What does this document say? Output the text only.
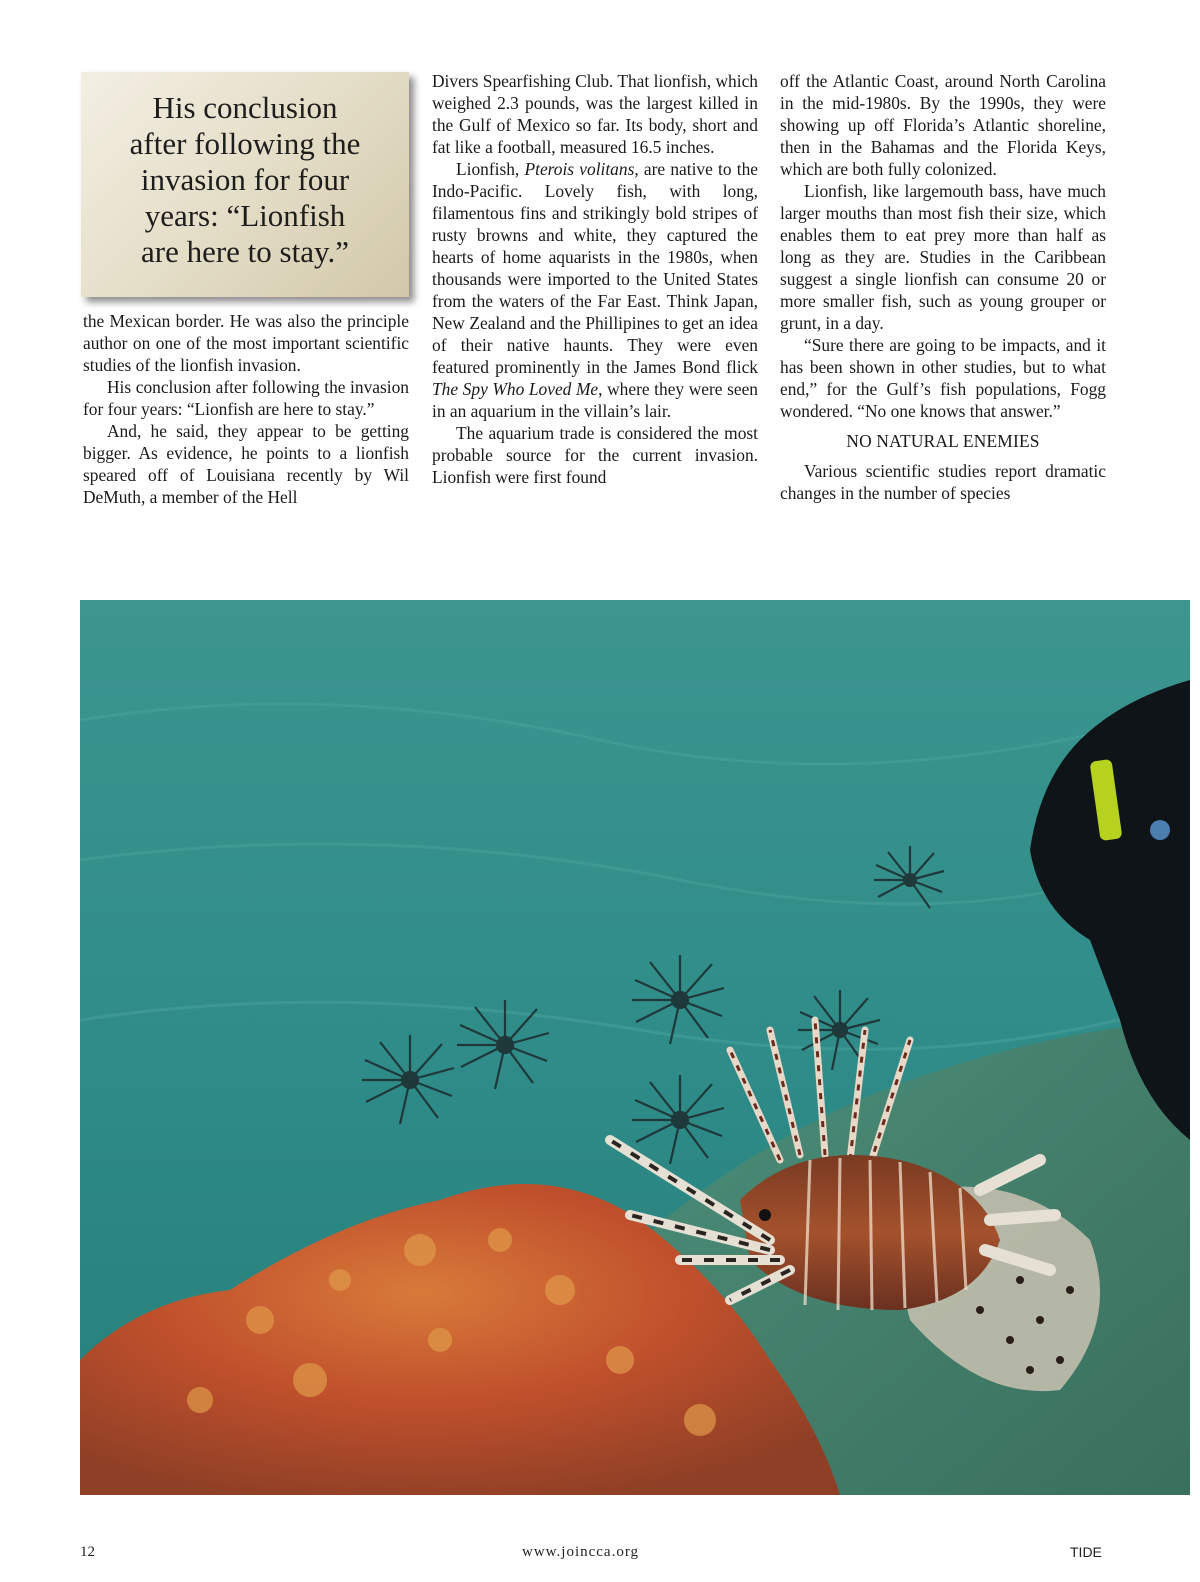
His conclusion

after following the

invasion for four

years: “Lionfish

are here to stay.”

the Mexican border. He was also the principle author on one of the most important scientific studies of the lionfish invasion.

His conclusion after following the invasion for four years: “Lionfish are here to stay.”

And, he said, they appear to be getting bigger. As evidence, he points to a lionfish speared off of Louisiana recently by Wil DeMuth, a member of the Hell

Divers Spearfishing Club. That lionfish, which weighed 2.3 pounds, was the largest killed in the Gulf of Mexico so far. Its body, short and fat like a football, measured 16.5 inches.

Lionfish, Pterois volitans, are native to the Indo-Pacific. Lovely fish, with long, filamentous fins and strikingly bold stripes of rusty browns and white, they captured the hearts of home aquarists in the 1980s, when thousands were imported to the United States from the waters of the Far East. Think Japan, New Zealand and the Phillipines to get an idea of their native haunts. They were even featured prominently in the James Bond flick The Spy Who Loved Me, where they were seen in an aquarium in the villain’s lair.

The aquarium trade is considered the most probable source for the current invasion. Lionfish were first found

off the Atlantic Coast, around North Carolina in the mid-1980s. By the 1990s, they were showing up off Florida’s Atlantic shoreline, then in the Bahamas and the Florida Keys, which are both fully colonized.

Lionfish, like largemouth bass, have much larger mouths than most fish their size, which enables them to eat prey more than half as long as they are. Studies in the Caribbean suggest a single lionfish can consume 20 or more smaller fish, such as young grouper or grunt, in a day.

“Sure there are going to be impacts, and it has been shown in other studies, but to what end,” for the Gulf’s fish populations, Fogg wondered. “No one knows that answer.”

NO NATURAL ENEMIES

Various scientific studies report dramatic changes in the number of species

12	www.joincca.org	TIDE
